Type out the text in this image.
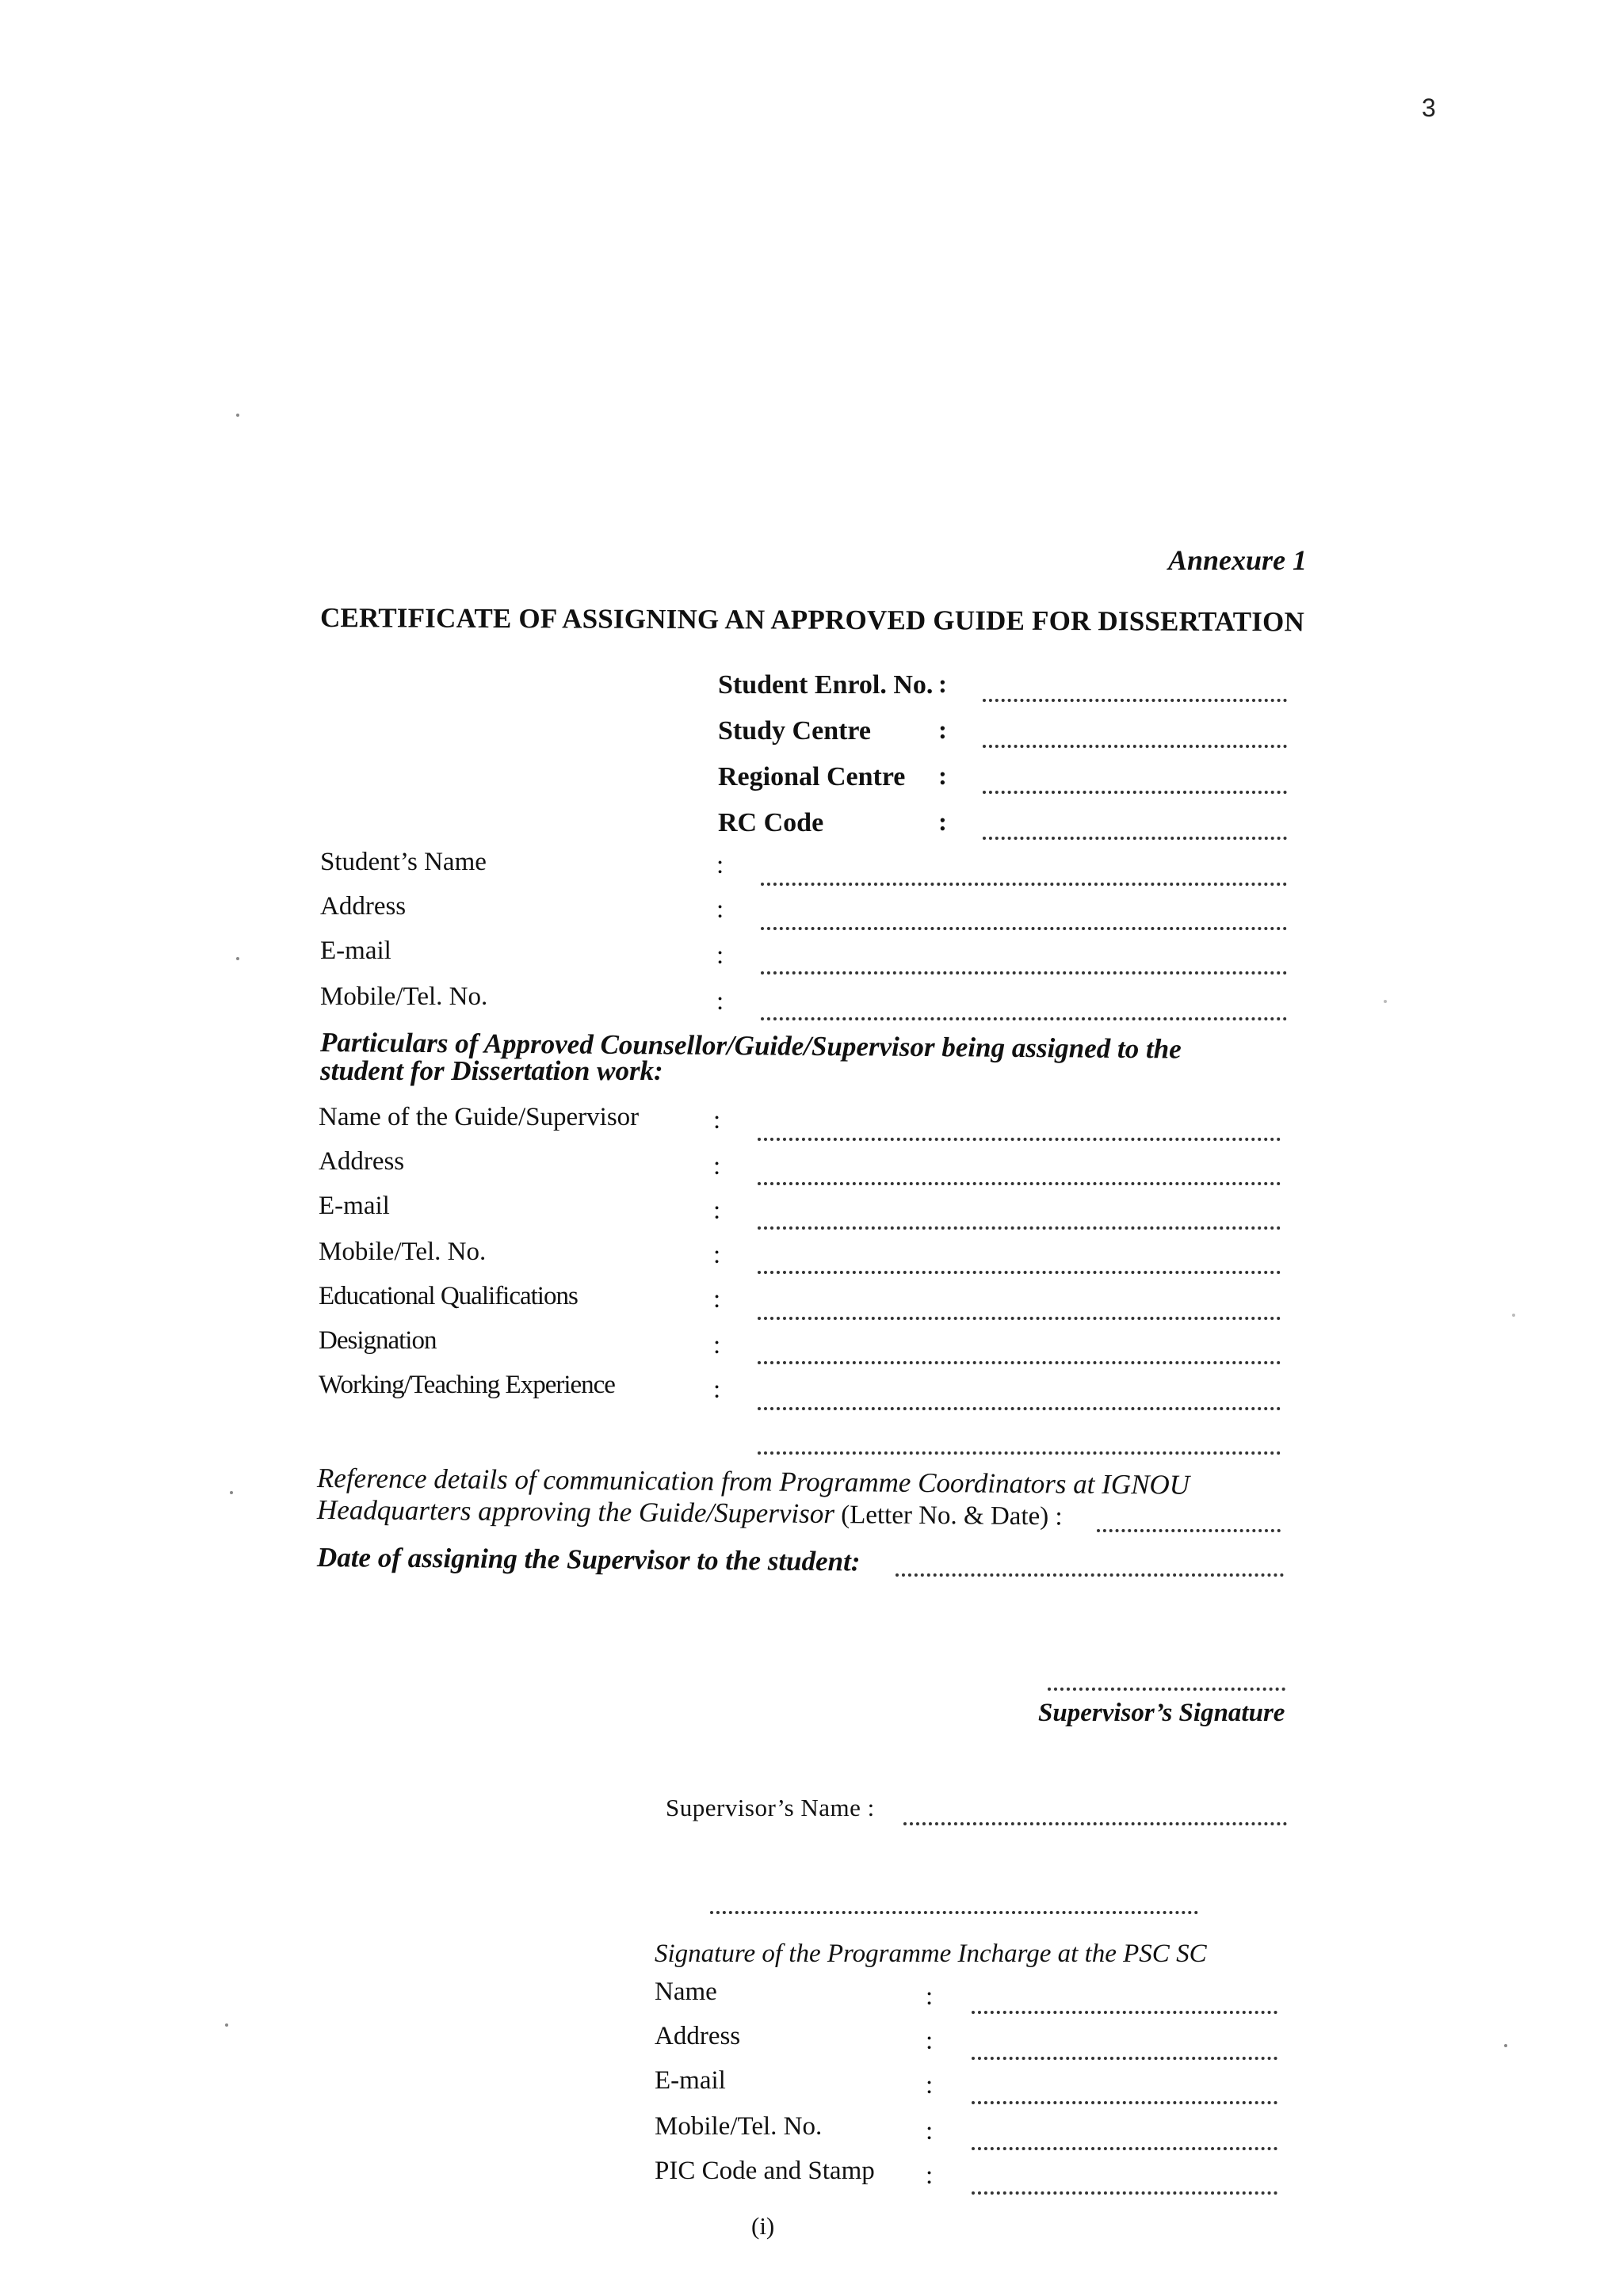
3
Annexure 1
CERTIFICATE OF ASSIGNING AN APPROVED GUIDE FOR DISSERTATION
Student Enrol. No. :
Study Centre	:
Regional Centre :
RC Code	:
Student’s Name	:
Address	:
E-mail	:
Mobile/Tel. No.	:
Particulars of Approved Counsellor/Guide/Supervisor being assigned to the
student for Dissertation work:
Name of the Guide/Supervisor	:
Address	:
E-mail	:
Mobile/Tel. No.	:
Educational Qualifications	:
Designation	:
Working/Teaching Experience	:
Reference details of communication from Programme Coordinators at IGNOU
Headquarters approving the Guide/Supervisor (Letter No. & Date) :
Date of assigning the Supervisor to the student:
Supervisor’s Signature
Supervisor’s Name :
Signature of the Programme Incharge at the PSC SC
Name	:
Address	:
E-mail	:
Mobile/Tel. No.	:
PIC Code and Stamp :
(i)
